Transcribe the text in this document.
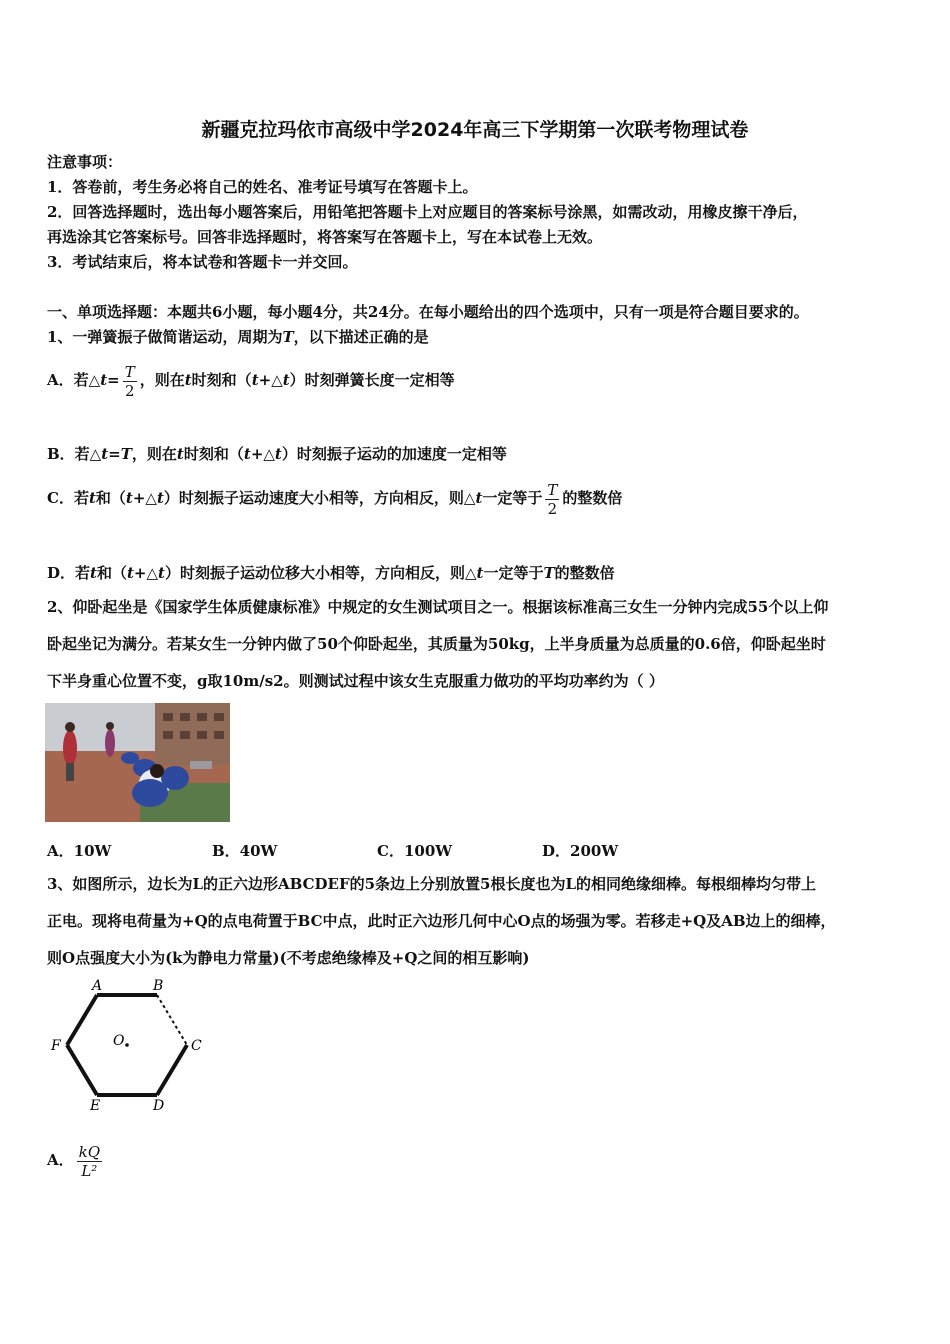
新疆克拉玛依市高级中学2024年高三下学期第一次联考物理试卷
注意事项：
1．答卷前，考生务必将自己的姓名、准考证号填写在答题卡上。
2．回答选择题时，选出每小题答案后，用铅笔把答题卡上对应题目的答案标号涂黑，如需改动，用橡皮擦干净后，
再选涂其它答案标号。回答非选择题时，将答案写在答题卡上，写在本试卷上无效。
3．考试结束后，将本试卷和答题卡一并交回。
一、单项选择题：本题共6小题，每小题4分，共24分。在每小题给出的四个选项中，只有一项是符合题目要求的。
1、一弹簧振子做简谐运动，周期为T，以下描述正确的是
A．若△t= $\frac{T}{2}$ ，则在t时刻和（t+△t）时刻弹簧长度一定相等
B．若△t=T，则在t时刻和（t+△t）时刻振子运动的加速度一定相等
C．若t和（t+△t）时刻振子运动速度大小相等，方向相反，则△t一定等于 $\frac{T}{2}$ 的整数倍
D．若t和（t+△t）时刻振子运动位移大小相等，方向相反，则△t一定等于T的整数倍
2、仰卧起坐是《国家学生体质健康标准》中规定的女生测试项目之一。根据该标准高三女生一分钟内完成55个以上仰
卧起坐记为满分。若某女生一分钟内做了50个仰卧起坐，其质量为50kg，上半身质量为总质量的0.6倍，仰卧起坐时
下半身重心位置不变，g取10m/s2。则测试过程中该女生克服重力做功的平均功率约为（ ）
A．10W	B．40W	C．100W	D．200W
3、如图所示，边长为L的正六边形ABCDEF的5条边上分别放置5根长度也为L的相同绝缘细棒。每根细棒均匀带上
正电。现将电荷量为+Q的点电荷置于BC中点，此时正六边形几何中心O点的场强为零。若移走+Q及AB边上的细棒，
则O点强度大小为(k为静电力常量)(不考虑绝缘棒及+Q之间的相互影响)
A	B
C
D
E
F	O
A． $\frac{kQ}{\text{L²}}$
